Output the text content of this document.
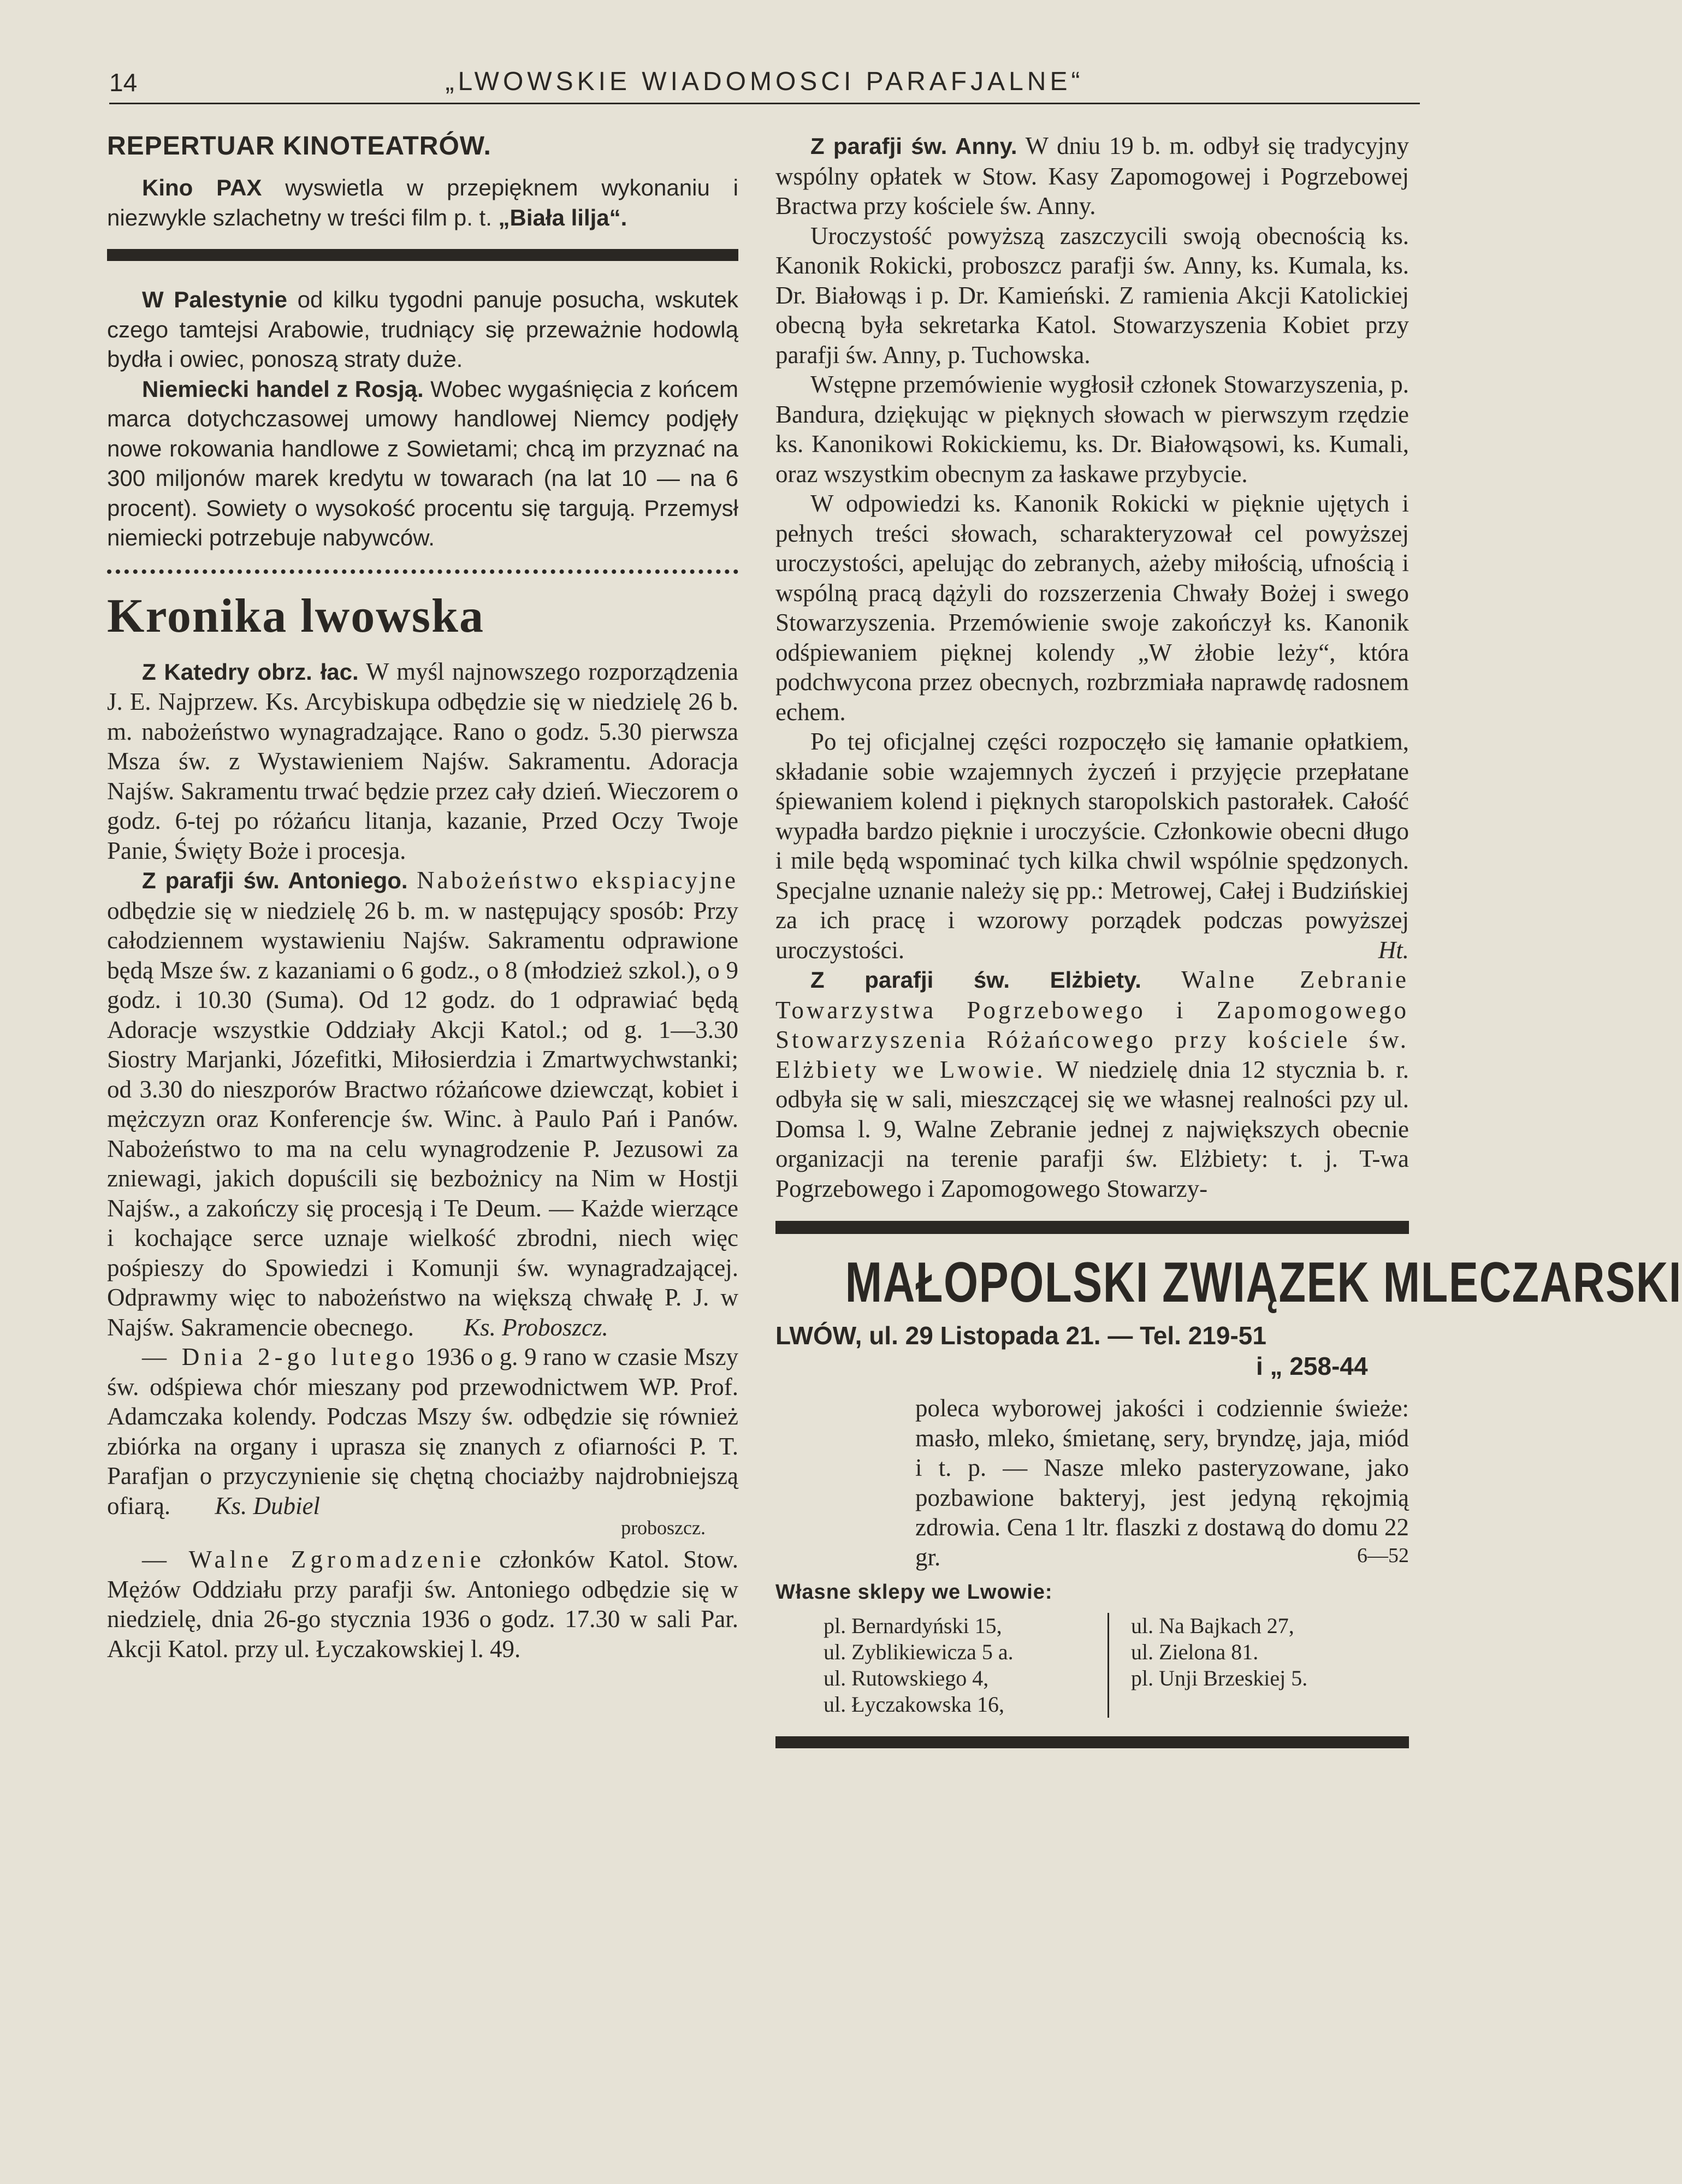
14	„LWOWSKIE WIADOMOSCI PARAFJALNE“
REPERTUAR KINOTEATRÓW.

Kino PAX wyswietla w przepięknem wykonaniu i niezwykle szlachetny w treści film p. t. „Biała lilja“.

W Palestynie od kilku tygodni panuje posucha, wskutek czego tamtejsi Arabowie, trudniący się przeważnie hodowlą bydła i owiec, ponoszą straty duże.

Niemiecki handel z Rosją. Wobec wygaśnięcia z końcem marca dotychczasowej umowy handlowej Niemcy podjęły nowe rokowania handlowe z Sowietami; chcą im przyznać na 300 miljonów marek kredytu w towarach (na lat 10 — na 6 procent). Sowiety o wysokość procentu się targują. Przemysł niemiecki potrzebuje nabywców.

Kronika lwowska

Z Katedry obrz. łac. W myśl najnowszego rozporządzenia J. E. Najprzew. Ks. Arcybiskupa odbędzie się w niedzielę 26 b. m. nabożeństwo wynagradzające. Rano o godz. 5.30 pierwsza Msza św. z Wystawieniem Najśw. Sakramentu. Adoracja Najśw. Sakramentu trwać będzie przez cały dzień. Wieczorem o godz. 6-tej po różańcu litanja, kazanie, Przed Oczy Twoje Panie, Święty Boże i procesja.

Z parafji św. Antoniego. Nabożeństwo ekspiacyjne odbędzie się w niedzielę 26 b. m. w następujący sposób: Przy całodziennem wystawieniu Najśw. Sakramentu odprawione będą Msze św. z kazaniami o 6 godz., o 8 (młodzież szkol.), o 9 godz. i 10.30 (Suma). Od 12 godz. do 1 odprawiać będą Adoracje wszystkie Oddziały Akcji Katol.; od g. 1—3.30 Siostry Marjanki, Józefitki, Miłosierdzia i Zmartwychwstanki; od 3.30 do nieszporów Bractwo różańcowe dziewcząt, kobiet i mężczyzn oraz Konferencje św. Winc. à Paulo Pań i Panów. Nabożeństwo to ma na celu wynagrodzenie P. Jezusowi za zniewagi, jakich dopuścili się bezbożnicy na Nim w Hostji Najśw., a zakończy się procesją i Te Deum. — Każde wierzące i kochające serce uznaje wielkość zbrodni, niech więc pośpieszy do Spowiedzi i Komunji św. wynagradzającej. Odprawmy więc to nabożeństwo na większą chwałę P. J. w Najśw. Sakramencie obecnego. Ks. Proboszcz.

— Dnia 2-go lutego 1936 o g. 9 rano w czasie Mszy św. odśpiewa chór mieszany pod przewodnictwem WP. Prof. Adamczaka kolendy. Podczas Mszy św. odbędzie się również zbiórka na organy i uprasza się znanych z ofiarności P. T. Parafjan o przyczynienie się chętną chociażby najdrobniejszą ofiarą. Ks. Dubiel

proboszcz.

— Walne Zgromadzenie członków Katol. Stow. Mężów Oddziału przy parafji św. Antoniego odbędzie się w niedzielę, dnia 26-go stycznia 1936 o godz. 17.30 w sali Par. Akcji Katol. przy ul. Łyczakowskiej l. 49.

Z parafji św. Anny. W dniu 19 b. m. odbył się tradycyjny wspólny opłatek w Stow. Kasy Zapomogowej i Pogrzebowej Bractwa przy kościele św. Anny.

Uroczystość powyższą zaszczycili swoją obecnością ks. Kanonik Rokicki, proboszcz parafji św. Anny, ks. Kumala, ks. Dr. Białowąs i p. Dr. Kamieński. Z ramienia Akcji Katolickiej obecną była sekretarka Katol. Stowarzyszenia Kobiet przy parafji św. Anny, p. Tuchowska.

Wstępne przemówienie wygłosił członek Stowarzyszenia, p. Bandura, dziękując w pięknych słowach w pierwszym rzędzie ks. Kanonikowi Rokickiemu, ks. Dr. Białowąsowi, ks. Kumali, oraz wszystkim obecnym za łaskawe przybycie.

W odpowiedzi ks. Kanonik Rokicki w pięknie ujętych i pełnych treści słowach, scharakteryzował cel powyższej uroczystości, apelując do zebranych, ażeby miłością, ufnością i wspólną pracą dążyli do rozszerzenia Chwały Bożej i swego Stowarzyszenia. Przemówienie swoje zakończył ks. Kanonik odśpiewaniem pięknej kolendy „W żłobie leży“, która podchwycona przez obecnych, rozbrzmiała naprawdę radosnem echem.

Po tej oficjalnej części rozpoczęło się łamanie opłatkiem, składanie sobie wzajemnych życzeń i przyjęcie przepłatane śpiewaniem kolend i pięknych staropolskich pastorałek. Całość wypadła bardzo pięknie i uroczyście. Członkowie obecni długo i mile będą wspominać tych kilka chwil wspólnie spędzonych. Specjalne uznanie należy się pp.: Metrowej, Całej i Budzińskiej za ich pracę i wzorowy porządek podczas powyższej uroczystości.	Ht.

Z parafji św. Elżbiety. Walne Zebranie Towarzystwa Pogrzebowego i Zapomogowego Stowarzyszenia Różańcowego przy kościele św. Elżbiety we Lwowie. W niedzielę dnia 12 stycznia b. r. odbyła się w sali, mieszczącej się we własnej realności pzy ul. Domsa l. 9, Walne Zebranie jednej z największych obecnie organizacji na terenie parafji św. Elżbiety: t. j. T-wa Pogrzebowego i Zapomogowego Stowarzy-

MAŁOPOLSKI ZWIĄZEK MLECZARSKI
LWÓW, ul. 29 Listopada 21. — Tel. 219-51
i „ 258-44

poleca wyborowej jakości i codziennie świeże: masło, mleko, śmietanę, sery, bryndzę, jaja, miód i t. p. — Nasze mleko pasteryzowane, jako pozbawione bakteryj, jest jedyną rękojmią zdrowia. Cena 1 ltr. flaszki z dostawą do domu 22 gr.	6—52
Własne sklepy we Lwowie:
pl. Bernardyński 15,
ul. Zyblikiewicza 5 a.
ul. Rutowskiego 4,
ul. Łyczakowska 16,
ul. Na Bajkach 27,
ul. Zielona 81.
pl. Unji Brzeskiej 5.
